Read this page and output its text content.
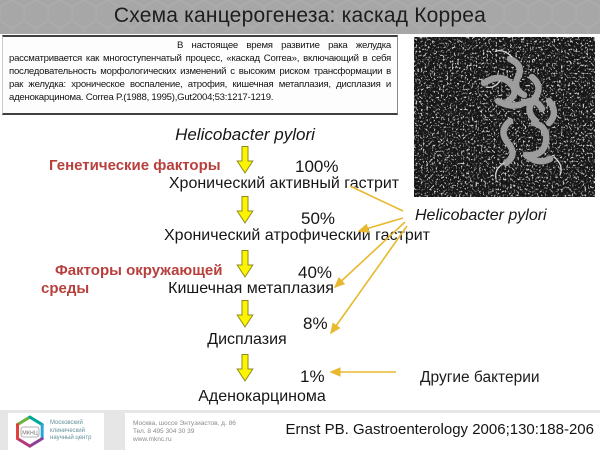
Схема канцерогенеза: каскад Корреа

В настоящее время развитие рака желудка рассматривается как многоступенчатый процесс, «каскад Correa», включающий в себя последовательность морфологических изменений с высоким риском трансформации в рак желудка: хроническое воспаление, атрофия, кишечная метаплазия, дисплазия и аденокарцинома. Correa P.(1988, 1995),Gut2004;53:1217-1219.

Helicobacter pylori
Хронический активный гастрит
Хронический атрофический гастрит
Кишечная метаплазия
Дисплазия
Аденокарцинома
100%
50%
40%
8%
1%
Генетические факторы
Факторы окружающей
среды
Helicobacter pylori
Другие бактерии
МКНЦ
Московский
клинический
научный центр
Москва, шоссе Энтузиастов, д. 86
Тел. 8 495 304 30 39
www.mknc.ru
Ernst PB. Gastroenterology 2006;130:188-206
